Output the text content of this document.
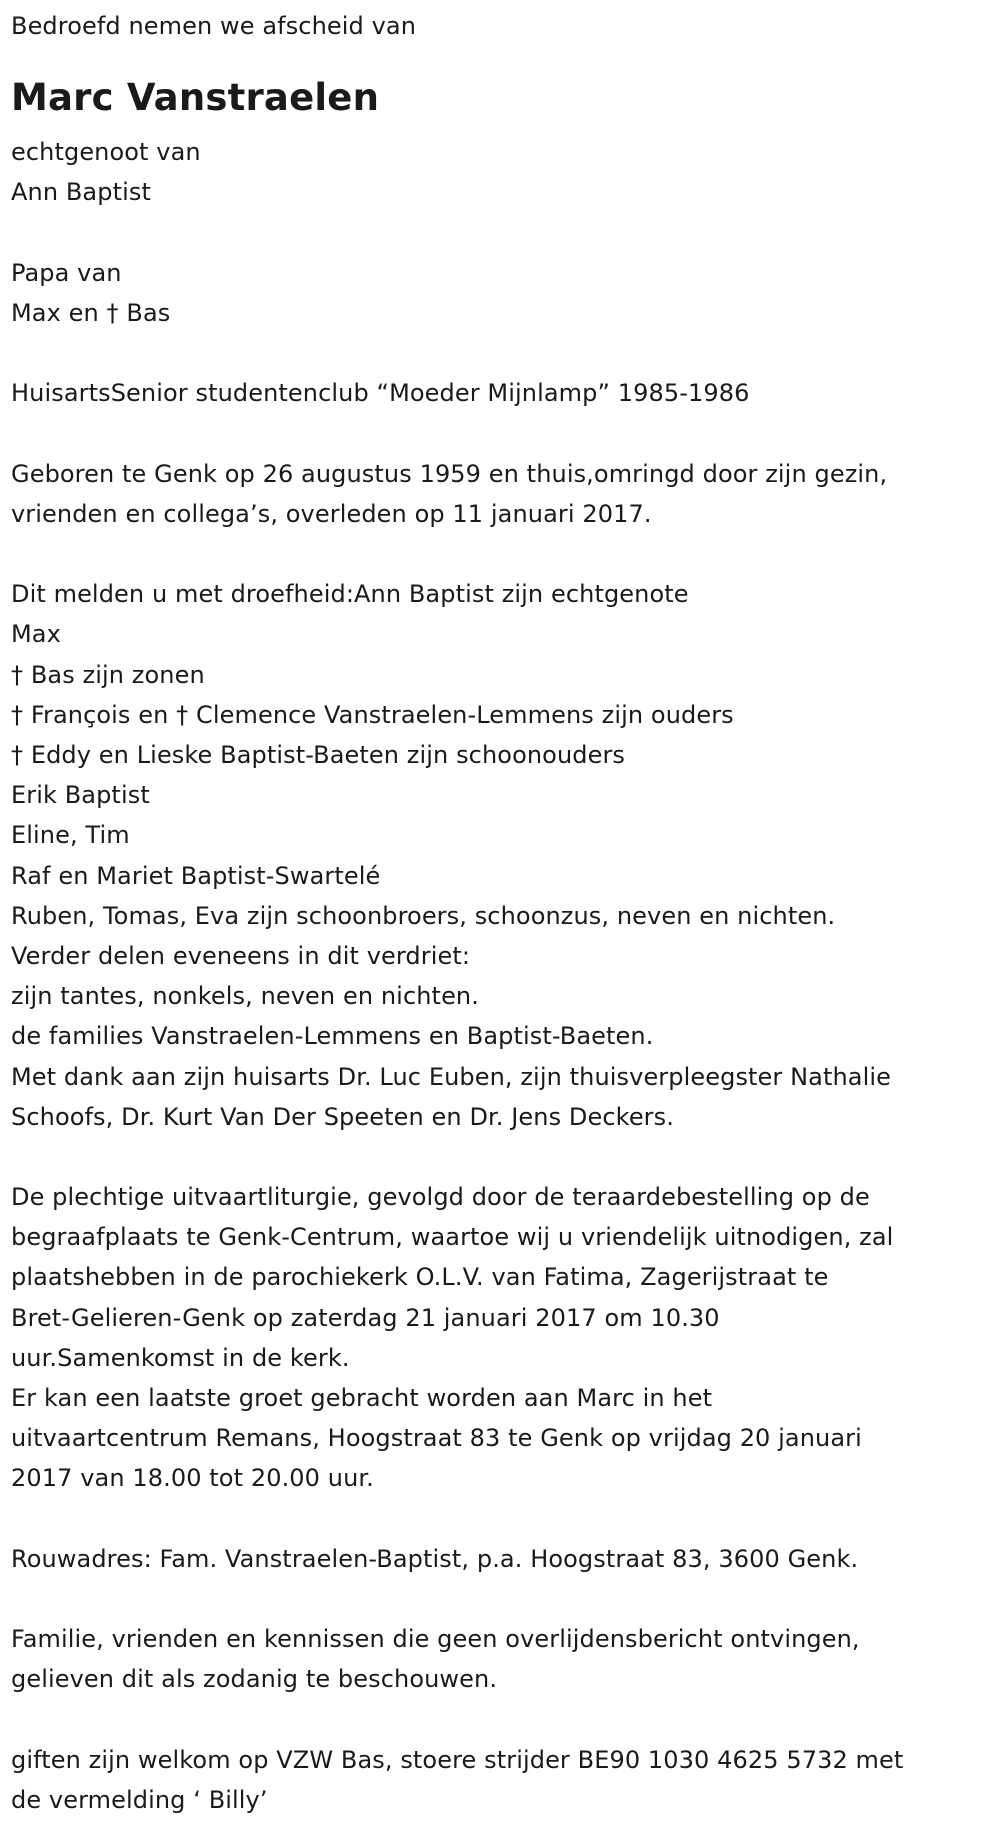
Bedroefd nemen we afscheid van
Marc Vanstraelen
echtgenoot van
Ann Baptist
Papa van
Max en † Bas
HuisartsSenior studentenclub “Moeder Mijnlamp” 1985-1986
Geboren te Genk op 26 augustus 1959 en thuis,omringd door zijn gezin,
vrienden en collega’s, overleden op 11 januari 2017.
Dit melden u met droefheid:Ann Baptist zijn echtgenote
Max
† Bas zijn zonen
† François en † Clemence Vanstraelen-Lemmens zijn ouders
† Eddy en Lieske Baptist-Baeten zijn schoonouders
Erik Baptist
Eline, Tim
Raf en Mariet Baptist-Swartelé
Ruben, Tomas, Eva zijn schoonbroers, schoonzus, neven en nichten.
Verder delen eveneens in dit verdriet:
zijn tantes, nonkels, neven en nichten.
de families Vanstraelen-Lemmens en Baptist-Baeten.
Met dank aan zijn huisarts Dr. Luc Euben, zijn thuisverpleegster Nathalie
Schoofs, Dr. Kurt Van Der Speeten en Dr. Jens Deckers.
De plechtige uitvaartliturgie, gevolgd door de teraardebestelling op de
begraafplaats te Genk-Centrum, waartoe wij u vriendelijk uitnodigen, zal
plaatshebben in de parochiekerk O.L.V. van Fatima, Zagerijstraat te
Bret-Gelieren-Genk op zaterdag 21 januari 2017 om 10.30
uur.Samenkomst in de kerk.
Er kan een laatste groet gebracht worden aan Marc in het
uitvaartcentrum Remans, Hoogstraat 83 te Genk op vrijdag 20 januari
2017 van 18.00 tot 20.00 uur.
Rouwadres: Fam. Vanstraelen-Baptist, p.a. Hoogstraat 83, 3600 Genk.
Familie, vrienden en kennissen die geen overlijdensbericht ontvingen,
gelieven dit als zodanig te beschouwen.
giften zijn welkom op VZW Bas, stoere strijder BE90 1030 4625 5732 met
de vermelding ‘ Billy’
